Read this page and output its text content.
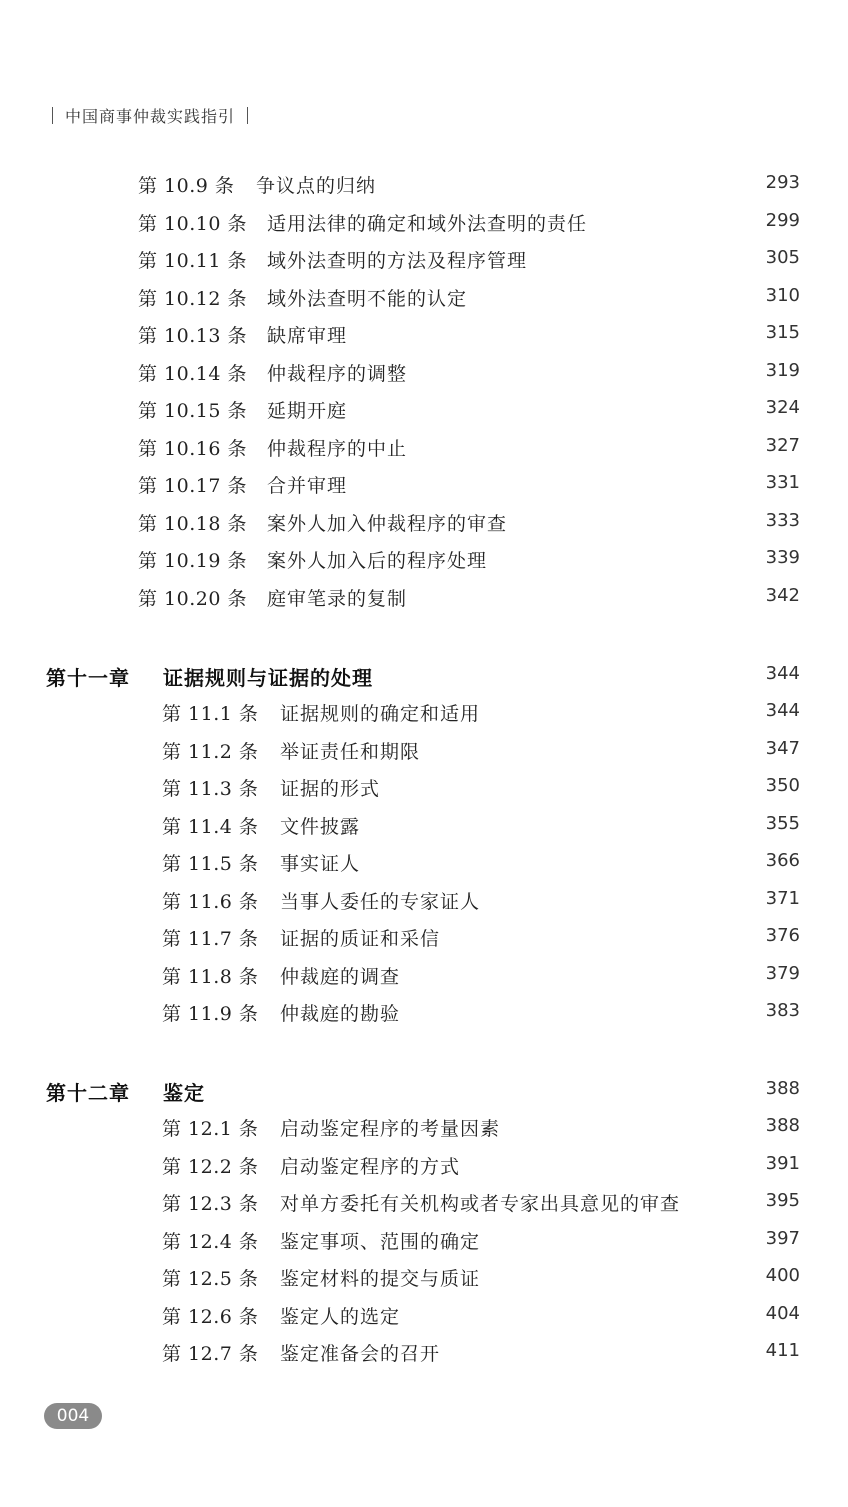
中国商事仲裁实践指引
第 10.9 条 争议点的归纳	293
第 10.10 条 适用法律的确定和域外法查明的责任	299
第 10.11 条 域外法查明的方法及程序管理	305
第 10.12 条 域外法查明不能的认定	310
第 10.13 条 缺席审理	315
第 10.14 条 仲裁程序的调整	319
第 10.15 条 延期开庭	324
第 10.16 条 仲裁程序的中止	327
第 10.17 条 合并审理	331
第 10.18 条 案外人加入仲裁程序的审查	333
第 10.19 条 案外人加入后的程序处理	339
第 10.20 条 庭审笔录的复制	342
第十一章 证据规则与证据的处理	344
第 11.1 条 证据规则的确定和适用	344
第 11.2 条 举证责任和期限	347
第 11.3 条 证据的形式	350
第 11.4 条 文件披露	355
第 11.5 条 事实证人	366
第 11.6 条 当事人委任的专家证人	371
第 11.7 条 证据的质证和采信	376
第 11.8 条 仲裁庭的调查	379
第 11.9 条 仲裁庭的勘验	383
第十二章 鉴定	388
第 12.1 条 启动鉴定程序的考量因素	388
第 12.2 条 启动鉴定程序的方式	391
第 12.3 条 对单方委托有关机构或者专家出具意见的审查	395
第 12.4 条 鉴定事项、范围的确定	397
第 12.5 条 鉴定材料的提交与质证	400
第 12.6 条 鉴定人的选定	404
第 12.7 条 鉴定准备会的召开	411
004
